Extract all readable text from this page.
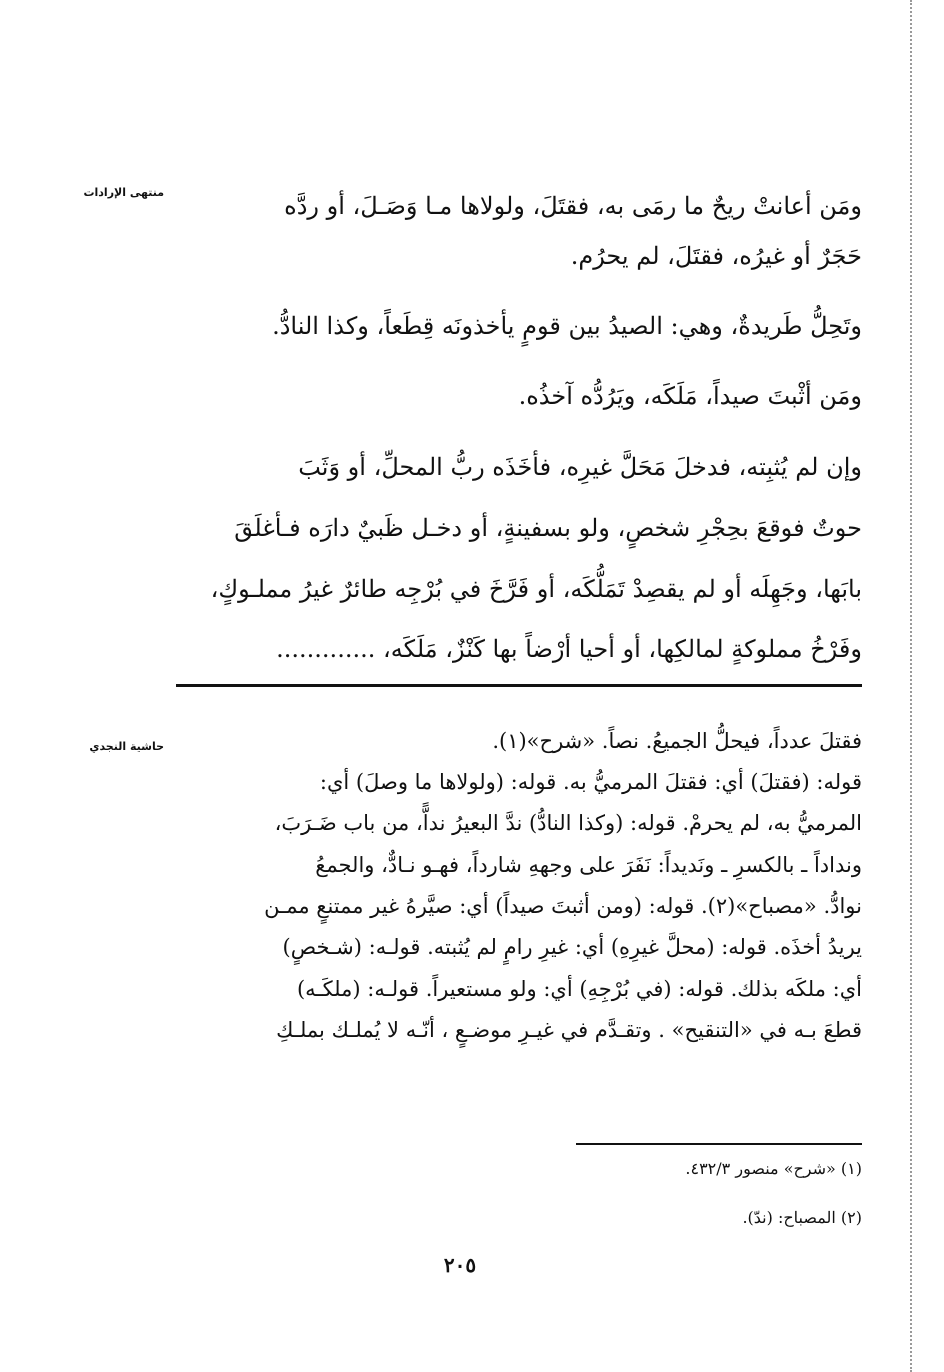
منتهى الإرادات
حاشية النجدي
ومَن أعانتْ ريحٌ ما رمَى به، فقتَلَ، ولولاها مـا وَصَـلَ، أو ردَّه
حَجَرٌ أو غيرُه، فقتَلَ، لم يحرُم.
وتَحِلُّ طَريدةٌ، وهي: الصيدُ بين قومٍ يأخذونَه قِطَعاً، وكذا النادُّ.
ومَن أثْبتَ صيداً، مَلَكَه، ويَرُدُّه آخذُه.
وإن لم يُثبِته، فدخلَ مَحَلَّ غيرِه، فأخَذَه ربُّ المحلِّ، أو وَثَبَ
حوتٌ فوقعَ بحِجْرِ شخصٍ، ولو بسفينةٍ، أو دخـل ظَبيٌ دارَه فـأغلَقَ
بابَها، وجَهِلَه أو لم يقصِدْ تَمَلُّكَه، أو فَرَّخَ في بُرْجِه طائرٌ غيرُ مملـوكٍ،
وفَرْخُ مملوكةٍ لمالكِها، أو أحيا أرْضاً بها كَنْزٌ، مَلَكَه، .............
فقتلَ عدداً، فيحلُّ الجميعُ. نصاً. «شرح»(١).
قوله: (فقتلَ) أي: فقتلَ المرميُّ به. قوله: (ولولاها ما وصلَ) أي:
المرميُّ به، لم يحرمْ. قوله: (وكذا النادُّ) ندَّ البعيرُ نداًّ، من باب ضَـرَبَ،
ونداداً ـ بالكسرِ ـ ونَديداً: نَفَرَ على وجههِ شارداً، فهـو نـادٌّ، والجمعُ
نوادُّ. «مصباح»(٢). قوله: (ومن أثبتَ صيداً) أي: صيَّرهُ غير ممتنعٍ ممـن
يريدُ أخذَه. قوله: (محلَّ غيرِهِ) أي: غيرِ رامٍ لم يُثبته. قولـه: (شـخصٍ)
أي: ملكَه بذلك. قوله: (في بُرْجِهِ) أي: ولو مستعيراً. قولـه: (ملكَـه)
قطعَ بـه في «التنقيح» . وتقـدَّم في غيـرِ موضـعٍ ، أنّـه لا يُملـك بملـكِ
(١) «شرح» منصور ٤٣٢/٣.
(٢) المصباح: (ندّ).
٢٠٥
